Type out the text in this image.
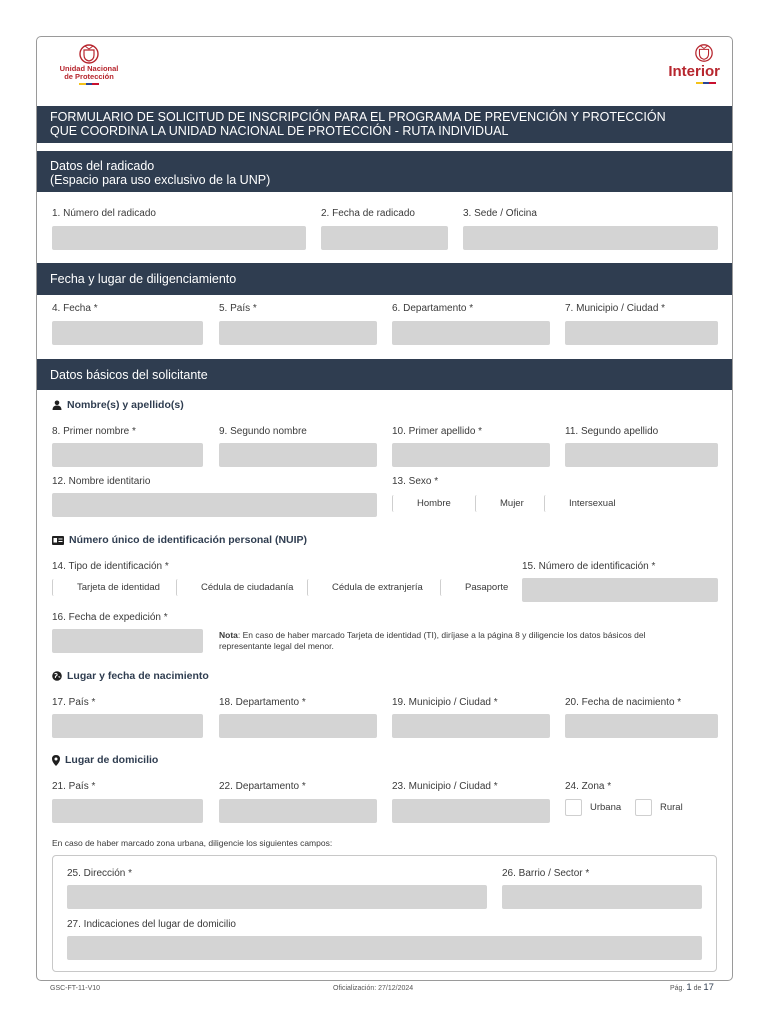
Unidad Nacional
de Protección	Interior
FORMULARIO DE SOLICITUD DE INSCRIPCIÓN PARA EL PROGRAMA DE PREVENCIÓN Y PROTECCIÓN
QUE COORDINA LA UNIDAD NACIONAL DE PROTECCIÓN - RUTA INDIVIDUAL
Datos del radicado
(Espacio para uso exclusivo de la UNP)
1. Número del radicado	2. Fecha de radicado	3. Sede / Oficina
Fecha y lugar de diligenciamiento
4. Fecha *	5. País *	6. Departamento *	7. Municipio / Ciudad *
Datos básicos del solicitante
Nombre(s) y apellido(s)
8. Primer nombre *	9. Segundo nombre	10. Primer apellido *	11. Segundo apellido
12. Nombre identitario	13. Sexo *
Hombre	Mujer	Intersexual
Número único de identificación personal (NUIP)
14. Tipo de identificación *
Tarjeta de identidad	Cédula de ciudadanía	Cédula de extranjería	Pasaporte
15. Número de identificación *
16. Fecha de expedición *
Nota: En caso de haber marcado Tarjeta de identidad (TI), diríjase a la página 8 y diligencie los datos básicos del
representante legal del menor.
Lugar y fecha de nacimiento
17. País *	18. Departamento *	19. Municipio / Ciudad *	20. Fecha de nacimiento *
Lugar de domicilio
21. País *	22. Departamento *	23. Municipio / Ciudad *	24. Zona *
Urbana	Rural
En caso de haber marcado zona urbana, diligencie los siguientes campos:
25. Dirección *	26. Barrio / Sector *
27. Indicaciones del lugar de domicilio
GSC-FT-11-V10	Oficialización: 27/12/2024	Pág. 1 de 17
